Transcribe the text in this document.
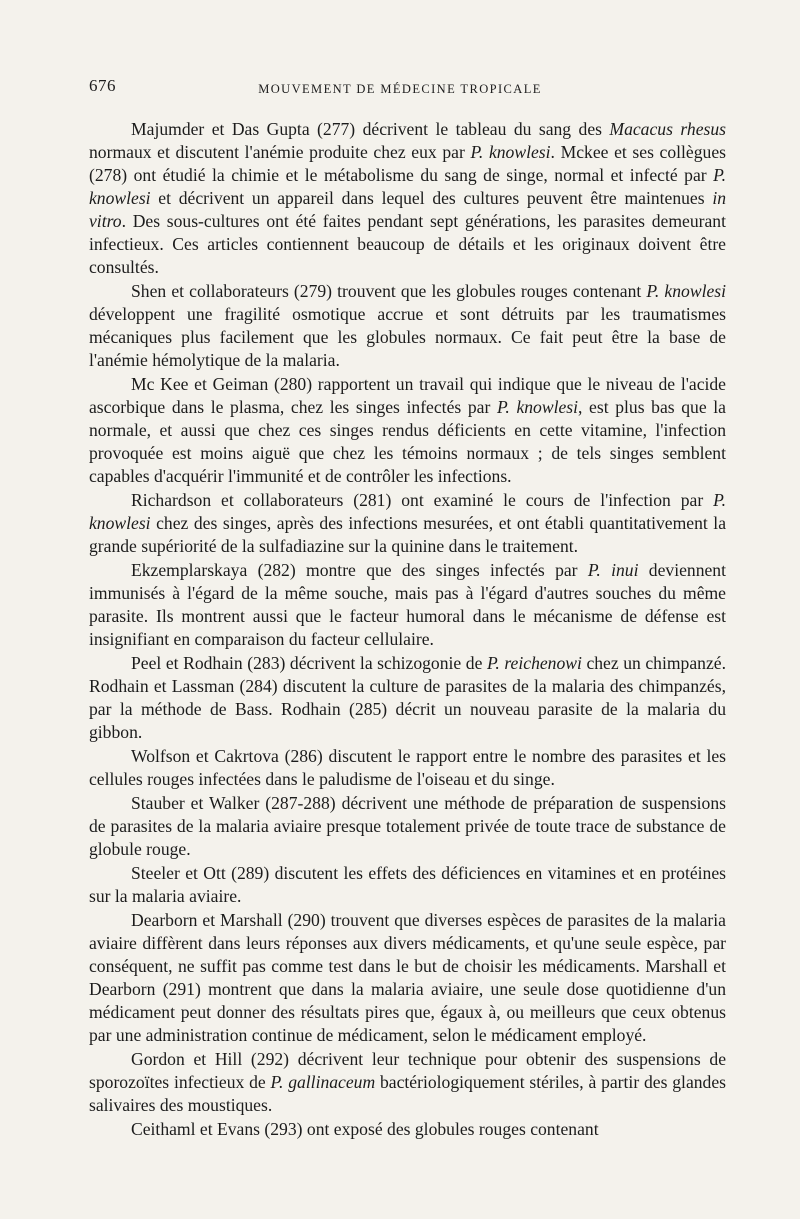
676	MOUVEMENT DE MÉDECINE TROPICALE

Majumder et Das Gupta (277) décrivent le tableau du sang des Macacus rhesus normaux et discutent l'anémie produite chez eux par P. knowlesi. Mckee et ses collègues (278) ont étudié la chimie et le métabolisme du sang de singe, normal et infecté par P. knowlesi et décrivent un appareil dans lequel des cultures peuvent être maintenues in vitro. Des sous-cultures ont été faites pendant sept générations, les parasites demeurant infectieux. Ces articles contiennent beaucoup de détails et les originaux doivent être consultés.

Shen et collaborateurs (279) trouvent que les globules rouges contenant P. knowlesi développent une fragilité osmotique accrue et sont détruits par les traumatismes mécaniques plus facilement que les globules normaux. Ce fait peut être la base de l'anémie hémolytique de la malaria.

Mc Kee et Geiman (280) rapportent un travail qui indique que le niveau de l'acide ascorbique dans le plasma, chez les singes infectés par P. knowlesi, est plus bas que la normale, et aussi que chez ces singes rendus déficients en cette vitamine, l'infection provoquée est moins aiguë que chez les témoins normaux ; de tels singes semblent capables d'acquérir l'immunité et de contrôler les infections.

Richardson et collaborateurs (281) ont examiné le cours de l'infection par P. knowlesi chez des singes, après des infections mesurées, et ont établi quantitativement la grande supériorité de la sulfadiazine sur la quinine dans le traitement.

Ekzemplarskaya (282) montre que des singes infectés par P. inui deviennent immunisés à l'égard de la même souche, mais pas à l'égard d'autres souches du même parasite. Ils montrent aussi que le facteur humoral dans le mécanisme de défense est insignifiant en comparaison du facteur cellulaire.

Peel et Rodhain (283) décrivent la schizogonie de P. reichenowi chez un chimpanzé. Rodhain et Lassman (284) discutent la culture de parasites de la malaria des chimpanzés, par la méthode de Bass. Rodhain (285) décrit un nouveau parasite de la malaria du gibbon.

Wolfson et Cakrtova (286) discutent le rapport entre le nombre des parasites et les cellules rouges infectées dans le paludisme de l'oiseau et du singe.

Stauber et Walker (287-288) décrivent une méthode de préparation de suspensions de parasites de la malaria aviaire presque totalement privée de toute trace de substance de globule rouge.

Steeler et Ott (289) discutent les effets des déficiences en vitamines et en protéines sur la malaria aviaire.

Dearborn et Marshall (290) trouvent que diverses espèces de parasites de la malaria aviaire diffèrent dans leurs réponses aux divers médicaments, et qu'une seule espèce, par conséquent, ne suffit pas comme test dans le but de choisir les médicaments. Marshall et Dearborn (291) montrent que dans la malaria aviaire, une seule dose quotidienne d'un médicament peut donner des résultats pires que, égaux à, ou meilleurs que ceux obtenus par une administration continue de médicament, selon le médicament employé.

Gordon et Hill (292) décrivent leur technique pour obtenir des suspensions de sporozoïtes infectieux de P. gallinaceum bactériologiquement stériles, à partir des glandes salivaires des moustiques.

Ceithaml et Evans (293) ont exposé des globules rouges contenant
